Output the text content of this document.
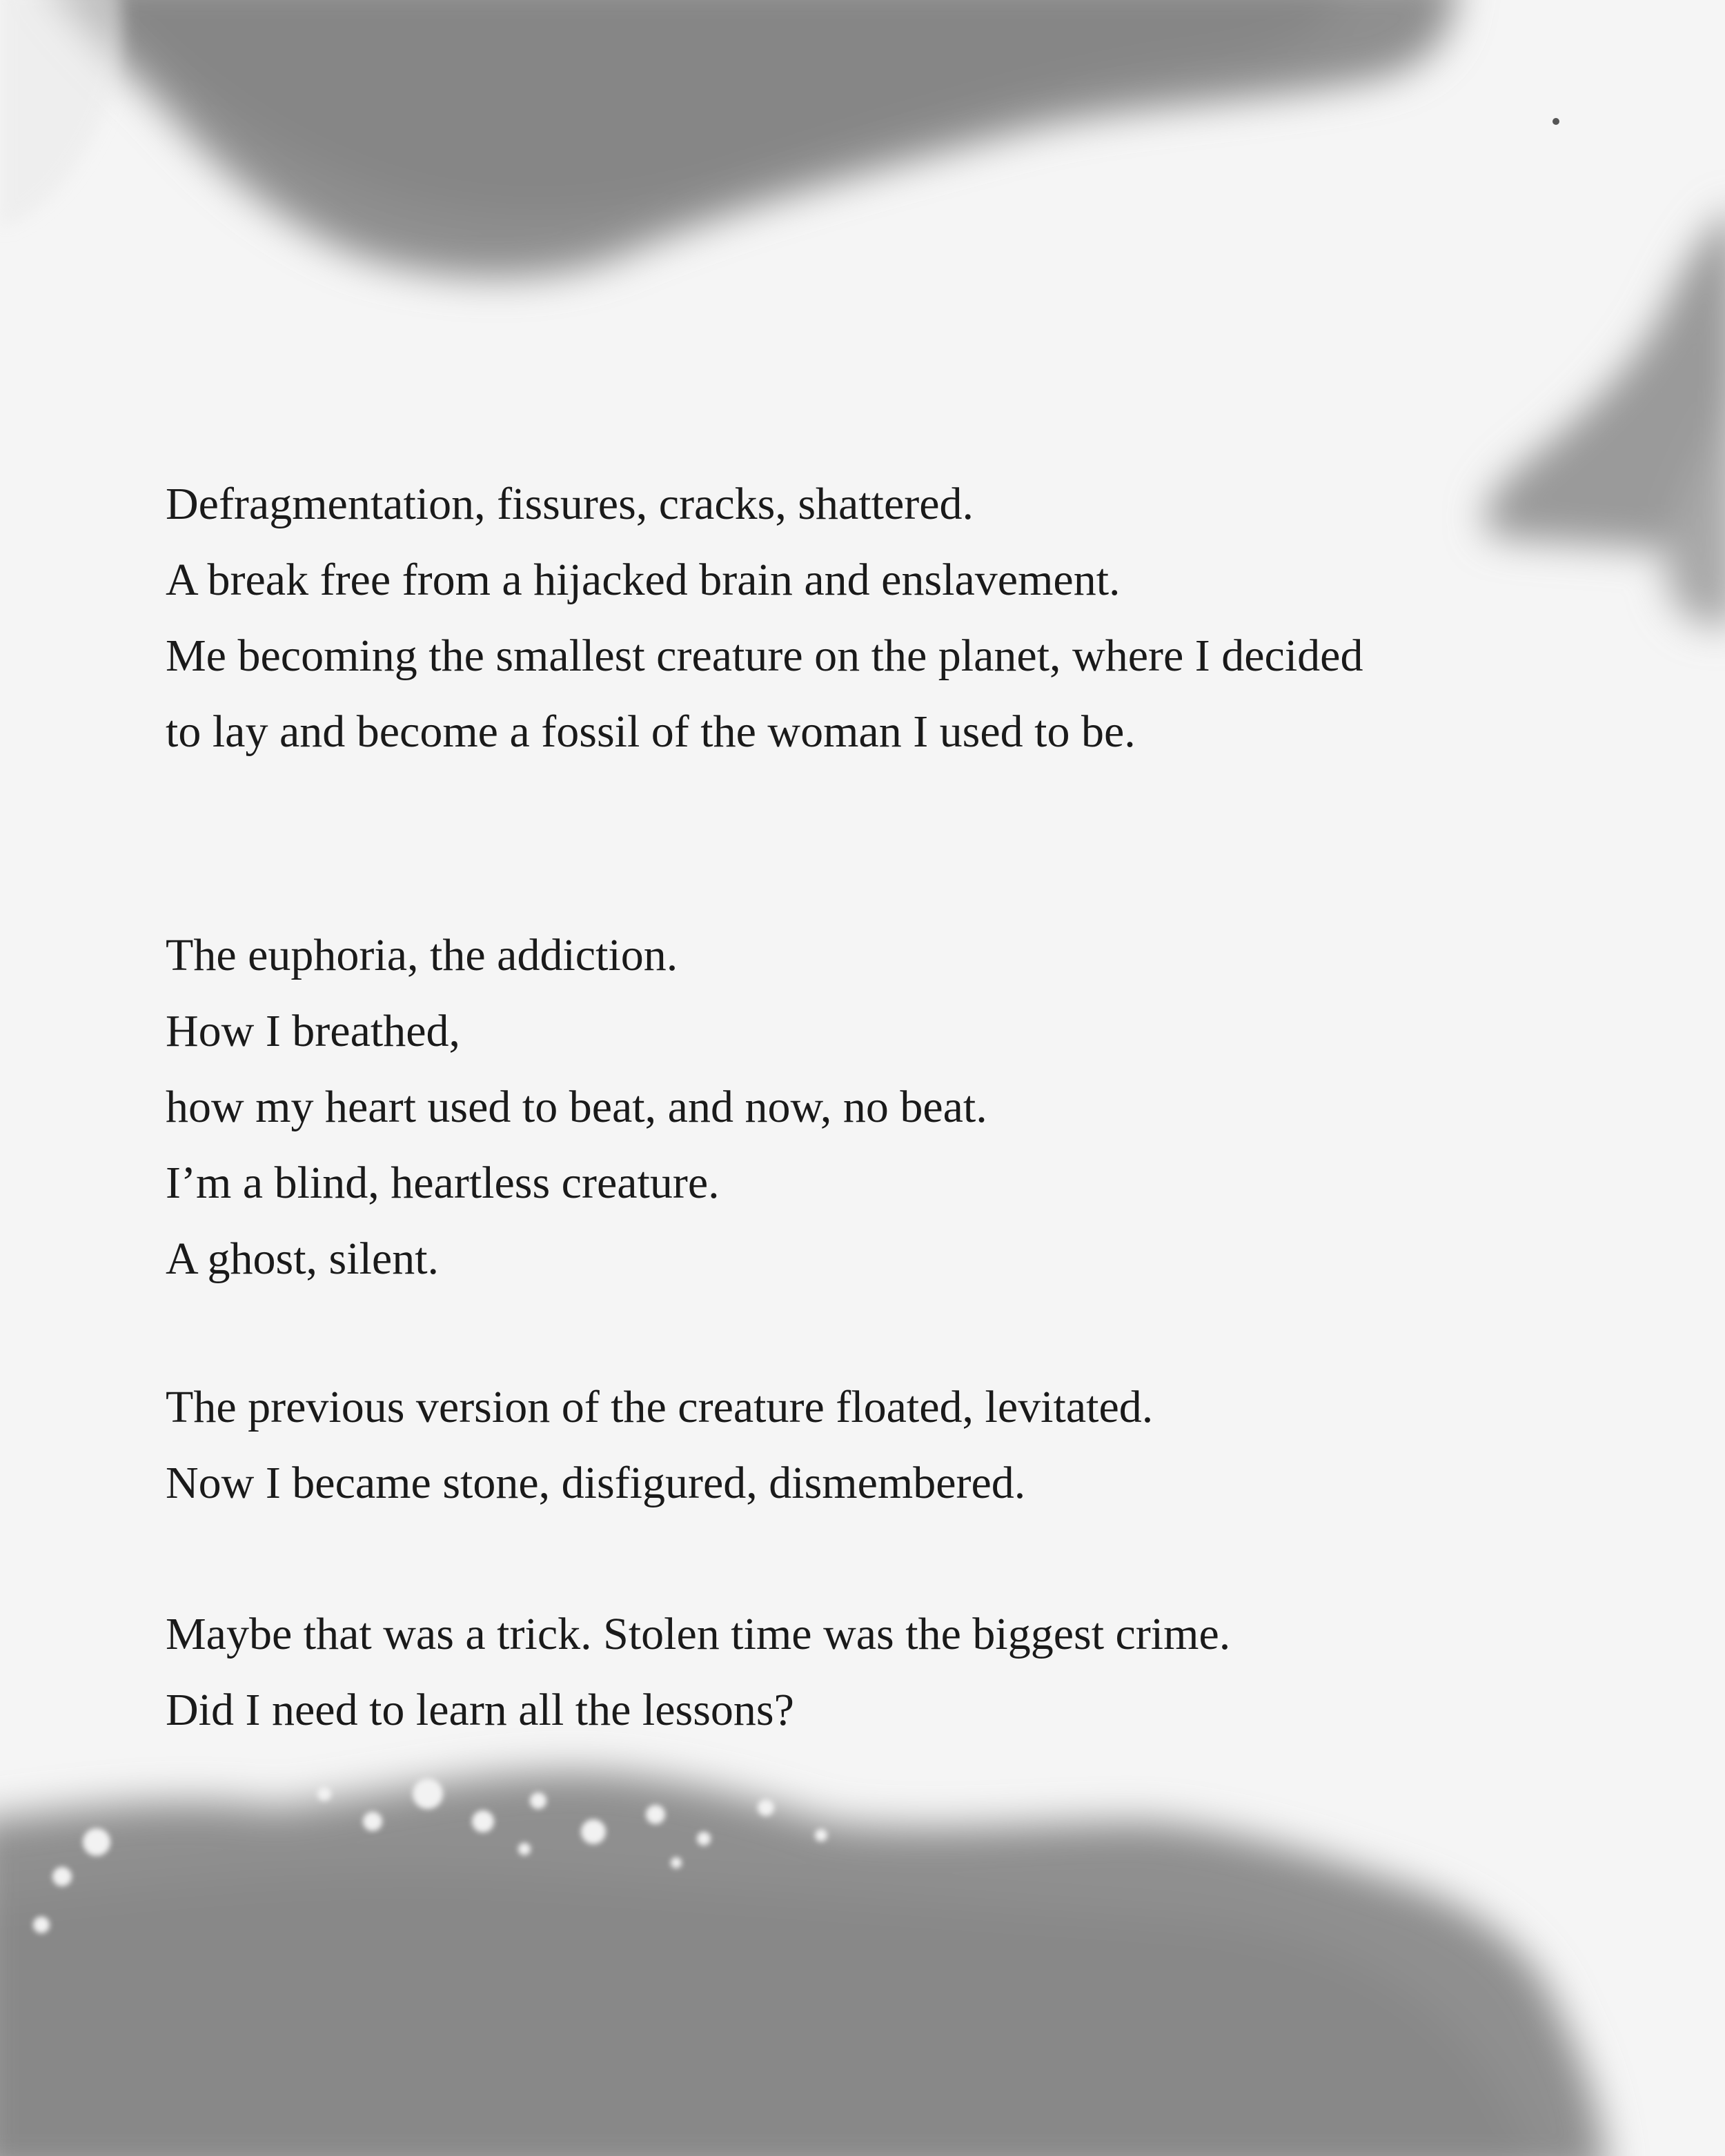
Defragmentation, fissures, cracks, shattered.
A break free from a hijacked brain and enslavement.
Me becoming the smallest creature on the planet, where I decided
to lay and become a fossil of the woman I used to be.
The euphoria, the addiction.
How I breathed,
how my heart used to beat, and now, no beat.
I’m a blind, heartless creature.
A ghost, silent.
The previous version of the creature floated, levitated.
Now I became stone, disfigured, dismembered.
Maybe that was a trick. Stolen time was the biggest crime.
Did I need to learn all the lessons?
